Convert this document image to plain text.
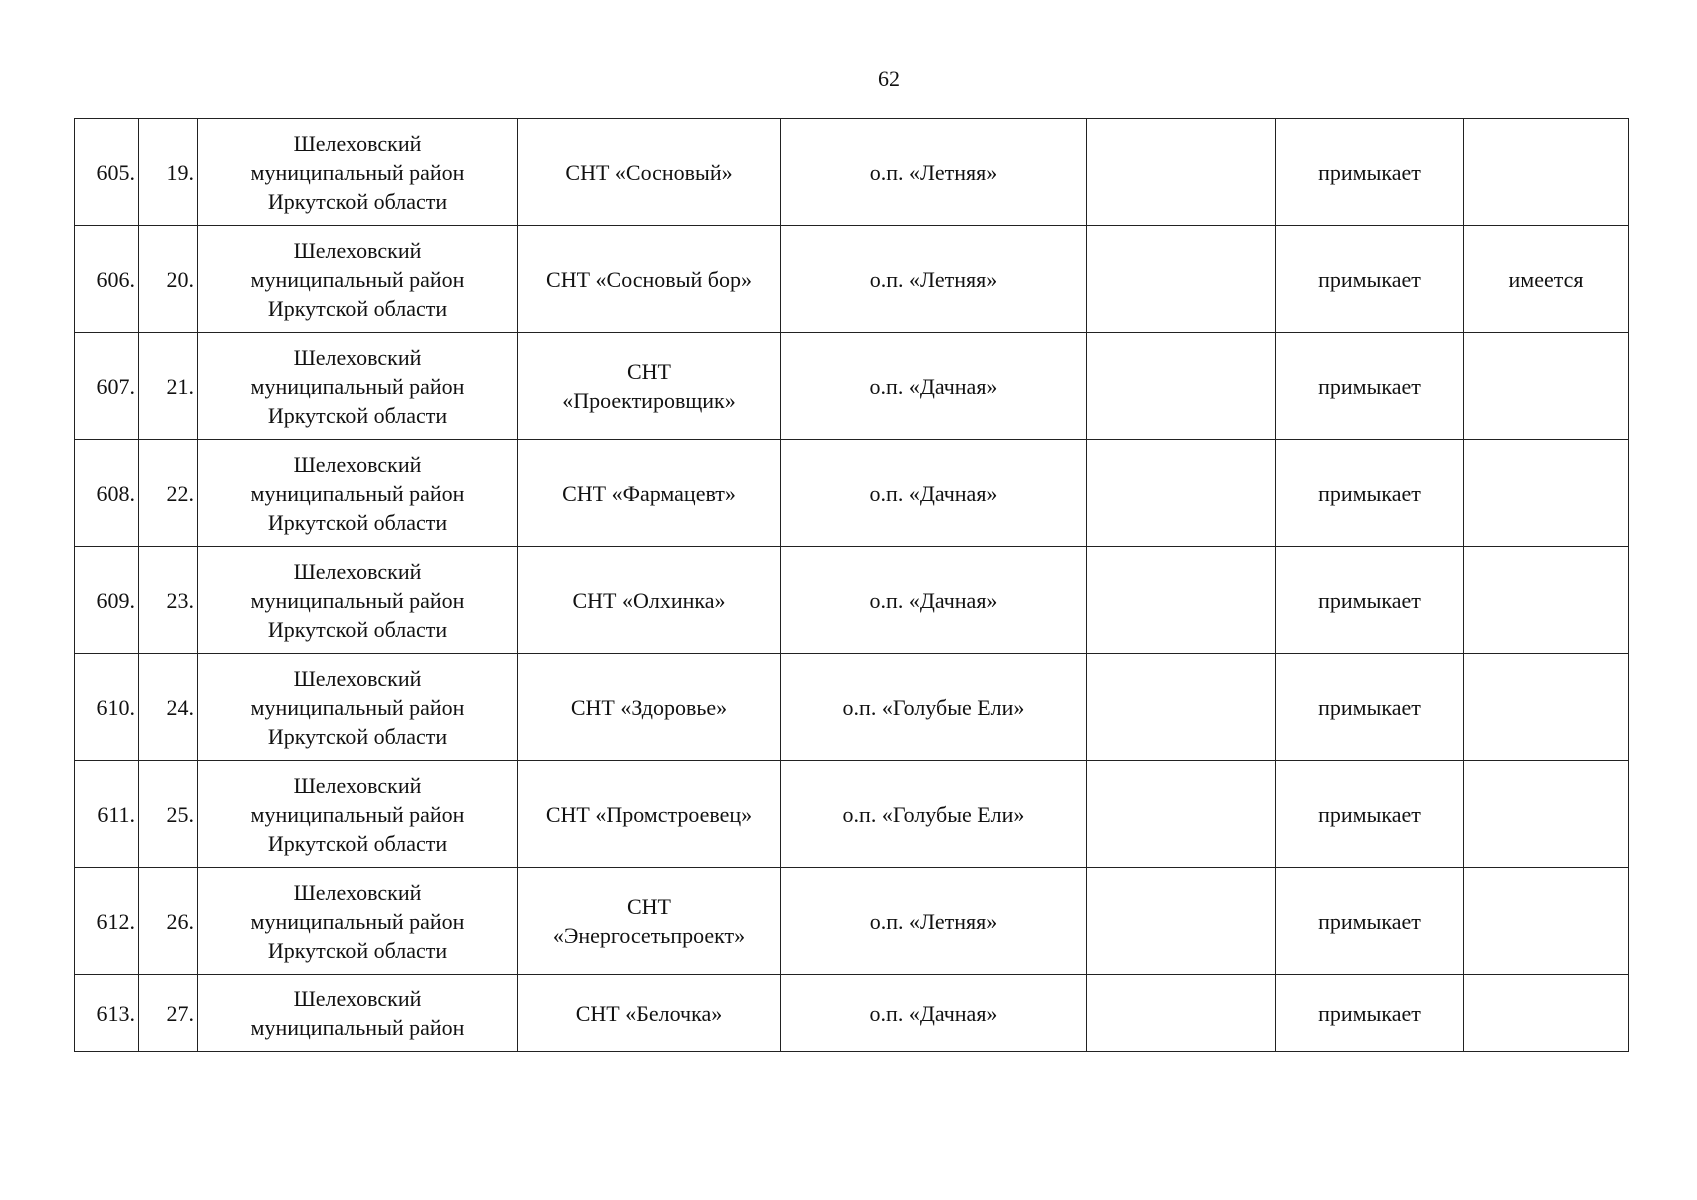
62
605.	19.	Шелеховский
муниципальный район
Иркутской области	СНТ «Сосновый»	о.п. «Летняя»		примыкает	
606.	20.	Шелеховский
муниципальный район
Иркутской области	СНТ «Сосновый бор»	о.п. «Летняя»		примыкает	имеется
607.	21.	Шелеховский
муниципальный район
Иркутской области	СНТ
«Проектировщик»	о.п. «Дачная»		примыкает	
608.	22.	Шелеховский
муниципальный район
Иркутской области	СНТ «Фармацевт»	о.п. «Дачная»		примыкает	
609.	23.	Шелеховский
муниципальный район
Иркутской области	СНТ «Олхинка»	о.п. «Дачная»		примыкает	
610.	24.	Шелеховский
муниципальный район
Иркутской области	СНТ «Здоровье»	о.п. «Голубые Ели»		примыкает	
611.	25.	Шелеховский
муниципальный район
Иркутской области	СНТ «Промстроевец»	о.п. «Голубые Ели»		примыкает	
612.	26.	Шелеховский
муниципальный район
Иркутской области	СНТ
«Энергосетьпроект»	о.п. «Летняя»		примыкает	
613.	27.	Шелеховский
муниципальный район	СНТ «Белочка»	о.п. «Дачная»		примыкает	
